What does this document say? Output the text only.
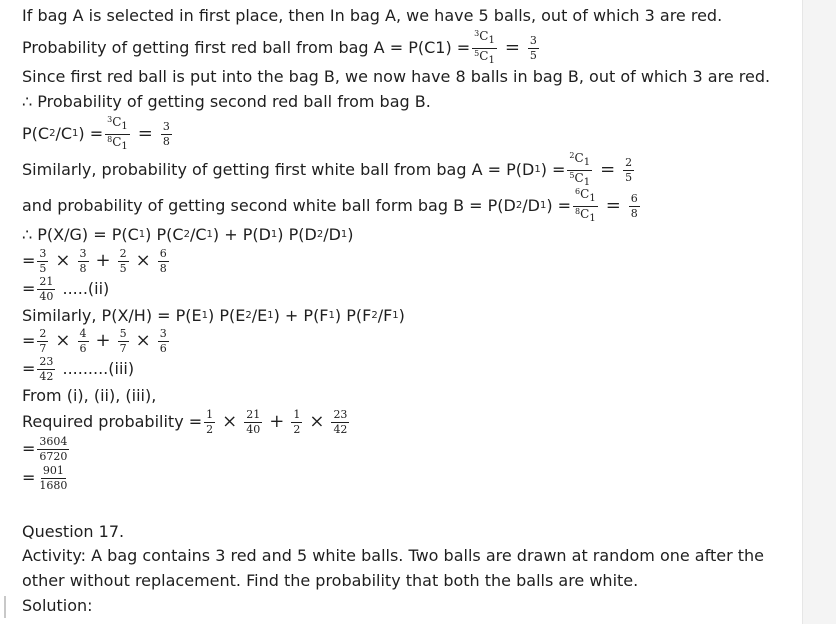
If bag A is selected in first place, then In bag A, we have 5 balls, out of which 3 are red.
Probability of getting first red ball from bag $A = P(C1) = \frac{^3C_1}{^5C_1} = \frac{3}{5}$
Since first red ball is put into the bag B, we now have 8 balls in bag B, out of which 3 are red.
∴ Probability of getting second red ball from bag B.
P(C 2 /C 1 ) = $\frac{^3C_1}{^8C_1} = \frac{3}{8}$
Similarly, probability of getting first white ball from bag A = P(D 1 ) = $\frac{^2C_1}{^5C_1} = \frac{2}{5}$
and probability of getting second white ball form bag B = P(D 2 /D 1 ) = $\frac{^6C_1}{^8C_1} = \frac{6}{8}$
∴ P(X/G) = P(C 1 ) P(C 2 /C 1 ) + P(D 1 ) P(D 2 /D 1 )
= $\frac{3}{5} \times \frac{3}{8} + \frac{2}{5} \times \frac{6}{8}$
= $\frac{21}{40} .....(ii)$
Similarly, P(X/H) = P(E 1 ) P(E 2 /E 1 ) + P(F 1 ) P(F 2 /F 1 )
= $\frac{2}{7} \times \frac{4}{6} + \frac{5}{7} \times \frac{3}{6}$
= $\frac{23}{42} .........(iii)$
From (i), (ii), (iii),
Required probability = $\frac{1}{2} \times \frac{21}{40} + \frac{1}{2} \times \frac{23}{42}$
= $\frac{3604}{6720}$
= $\frac{901}{1680}$
Question 17.
Activity: A bag contains 3 red and 5 white balls. Two balls are drawn at random one after the
other without replacement. Find the probability that both the balls are white.
Solution:
